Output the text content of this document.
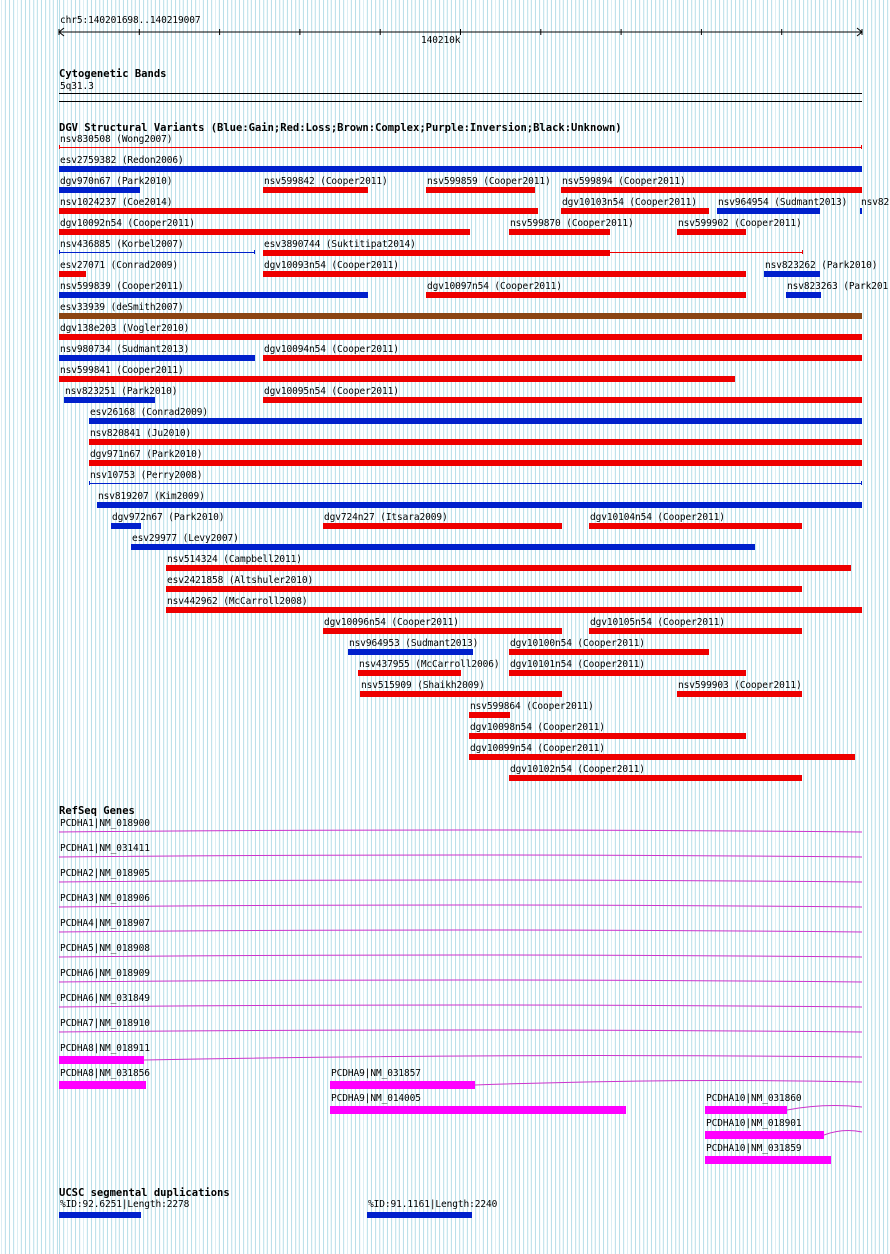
chr5:140201698..140219007
140210k
Cytogenetic Bands
5q31.3
DGV Structural Variants (Blue:Gain;Red:Loss;Brown:Complex;Purple:Inversion;Black:Unknown)
nsv830508 (Wong2007)
esv2759382 (Redon2006)
dgv970n67 (Park2010)	nsv599842 (Cooper2011)	nsv599859 (Cooper2011) nsv599894 (Cooper2011)
nsv1024237 (Coe2014)	dgv10103n54 (Cooper2011) nsv964954 (Sudmant2013) nsv82
dgv10092n54 (Cooper2011)	nsv599870 (Cooper2011)	nsv599902 (Cooper2011)
nsv436885 (Korbel2007)	esv3890744 (Suktitipat2014)
esv27071 (Conrad2009)	dgv10093n54 (Cooper2011)	nsv823262 (Park2010)
nsv599839 (Cooper2011)	dgv10097n54 (Cooper2011)	nsv823263 (Park201
esv33939 (deSmith2007)
dgv138e203 (Vogler2010)
nsv980734 (Sudmant2013)	dgv10094n54 (Cooper2011)
nsv599841 (Cooper2011)
nsv823251 (Park2010)	dgv10095n54 (Cooper2011)
esv26168 (Conrad2009)
nsv820841 (Ju2010)
dgv971n67 (Park2010)
nsv10753 (Perry2008)
nsv819207 (Kim2009)
dgv972n67 (Park2010)	dgv724n27 (Itsara2009)	dgv10104n54 (Cooper2011)
esv29977 (Levy2007)
nsv514324 (Campbell2011)
esv2421858 (Altshuler2010)
nsv442962 (McCarroll2008)
dgv10096n54 (Cooper2011)	dgv10105n54 (Cooper2011)
nsv964953 (Sudmant2013)	dgv10100n54 (Cooper2011)
nsv437955 (McCarroll2006) dgv10101n54 (Cooper2011)
nsv515909 (Shaikh2009)	nsv599903 (Cooper2011)
nsv599864 (Cooper2011)
dgv10098n54 (Cooper2011)
dgv10099n54 (Cooper2011)
dgv10102n54 (Cooper2011)
RefSeq Genes
PCDHA1|NM_018900
PCDHA1|NM_031411
PCDHA2|NM_018905
PCDHA3|NM_018906
PCDHA4|NM_018907
PCDHA5|NM_018908
PCDHA6|NM_018909
PCDHA6|NM_031849
PCDHA7|NM_018910
PCDHA8|NM_018911
PCDHA8|NM_031856	PCDHA9|NM_031857
PCDHA9|NM_014005	PCDHA10|NM_031860
PCDHA10|NM_018901
PCDHA10|NM_031859
UCSC segmental duplications
%ID:92.6251|Length:2278	%ID:91.1161|Length:2240
